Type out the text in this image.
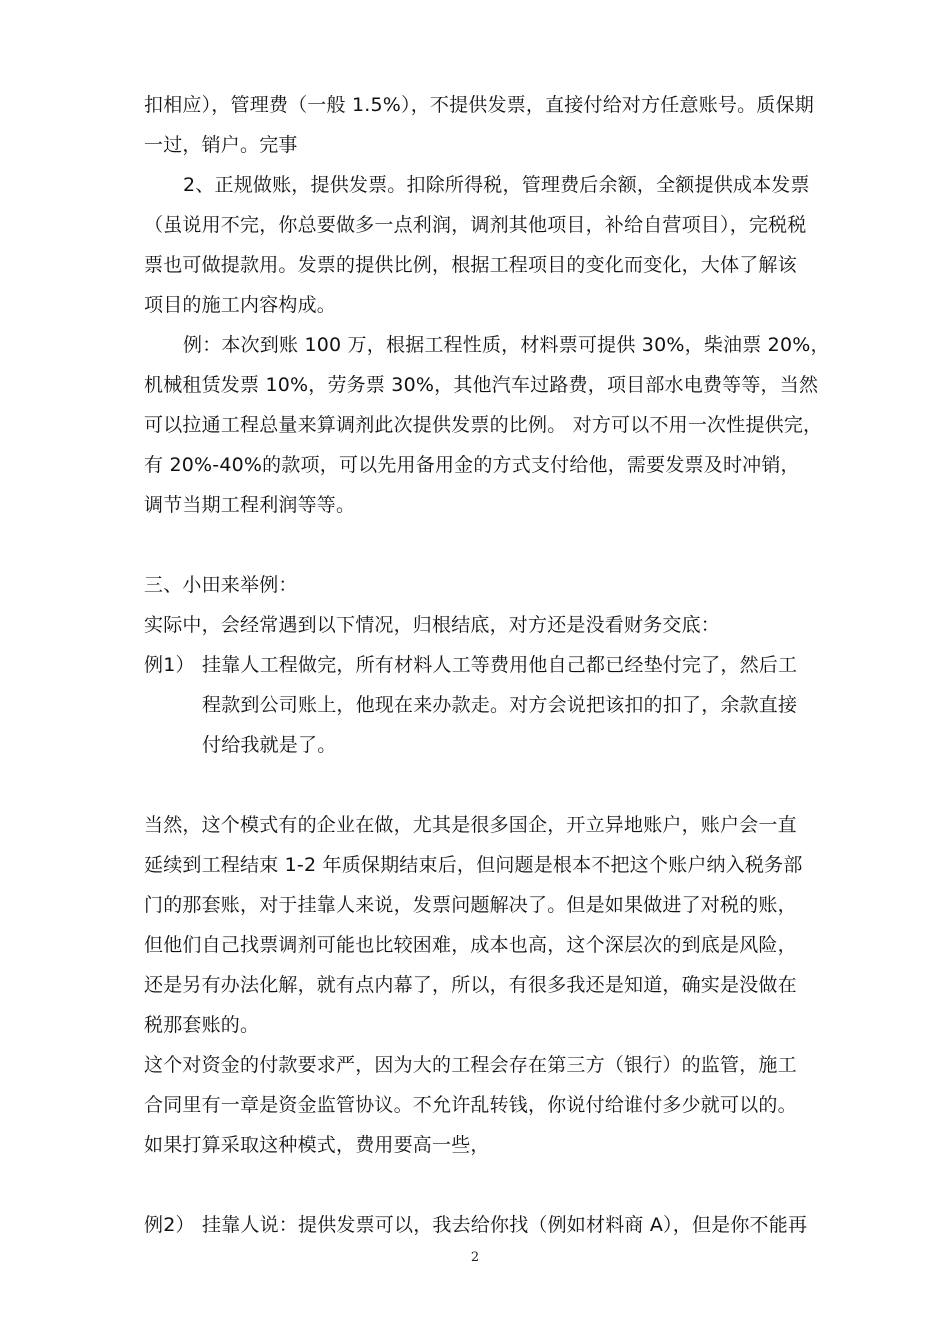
扣相应），管理费（一般 1.5%），不提供发票，直接付给对方任意账号。质保期
一过，销户。完事
2、正规做账，提供发票。扣除所得税，管理费后余额，全额提供成本发票
（虽说用不完，你总要做多一点利润，调剂其他项目，补给自营项目），完税税
票也可做提款用。发票的提供比例，根据工程项目的变化而变化，大体了解该
项目的施工内容构成。
例：本次到账 100 万，根据工程性质，材料票可提供 30%，柴油票 20%，
机械租赁发票 10%，劳务票 30%，其他汽车过路费，项目部水电费等等，当然
可以拉通工程总量来算调剂此次提供发票的比例。 对方可以不用一次性提供完，
有 20%-40%的款项，可以先用备用金的方式支付给他，需要发票及时冲销，
调节当期工程利润等等。
三、小田来举例：
实际中，会经常遇到以下情况，归根结底，对方还是没看财务交底：
例1） 挂靠人工程做完，所有材料人工等费用他自己都已经垫付完了，然后工
程款到公司账上，他现在来办款走。对方会说把该扣的扣了，余款直接
付给我就是了。
当然，这个模式有的企业在做，尤其是很多国企，开立异地账户，账户会一直
延续到工程结束 1-2 年质保期结束后，但问题是根本不把这个账户纳入税务部
门的那套账，对于挂靠人来说，发票问题解决了。但是如果做进了对税的账，
但他们自己找票调剂可能也比较困难，成本也高，这个深层次的到底是风险，
还是另有办法化解，就有点内幕了，所以，有很多我还是知道，确实是没做在
税那套账的。
这个对资金的付款要求严，因为大的工程会存在第三方（银行）的监管，施工
合同里有一章是资金监管协议。不允许乱转钱，你说付给谁付多少就可以的。
如果打算采取这种模式，费用要高一些，
例2） 挂靠人说：提供发票可以，我去给你找（例如材料商 A），但是你不能再
2
